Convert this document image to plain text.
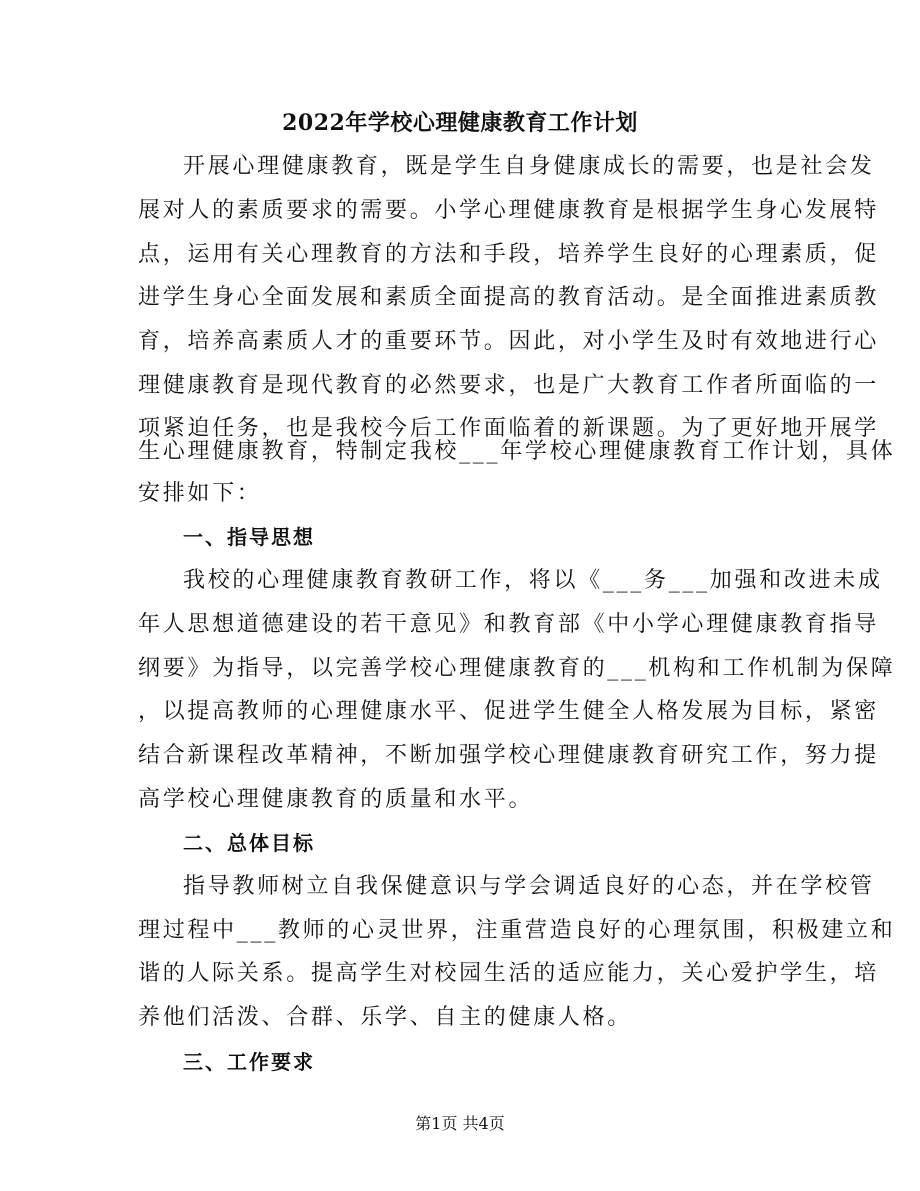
2022年学校心理健康教育工作计划
开展心理健康教育，既是学生自身健康成长的需要，也是社会发
展对人的素质要求的需要。小学心理健康教育是根据学生身心发展特
点，运用有关心理教育的方法和手段，培养学生良好的心理素质，促
进学生身心全面发展和素质全面提高的教育活动。是全面推进素质教
育，培养高素质人才的重要环节。因此，对小学生及时有效地进行心
理健康教育是现代教育的必然要求，也是广大教育工作者所面临的一
项紧迫任务，也是我校今后工作面临着的新课题。为了更好地开展学
生心理健康教育，特制定我校___年学校心理健康教育工作计划，具体
安排如下：
一、指导思想
我校的心理健康教育教研工作，将以《___务___加强和改进未成
年人思想道德建设的若干意见》和教育部《中小学心理健康教育指导
纲要》为指导，以完善学校心理健康教育的___机构和工作机制为保障
，以提高教师的心理健康水平、促进学生健全人格发展为目标，紧密
结合新课程改革精神，不断加强学校心理健康教育研究工作，努力提
高学校心理健康教育的质量和水平。
二、总体目标
指导教师树立自我保健意识与学会调适良好的心态，并在学校管
理过程中___教师的心灵世界，注重营造良好的心理氛围，积极建立和
谐的人际关系。提高学生对校园生活的适应能力，关心爱护学生，培
养他们活泼、合群、乐学、自主的健康人格。
三、工作要求
第1页 共4页
